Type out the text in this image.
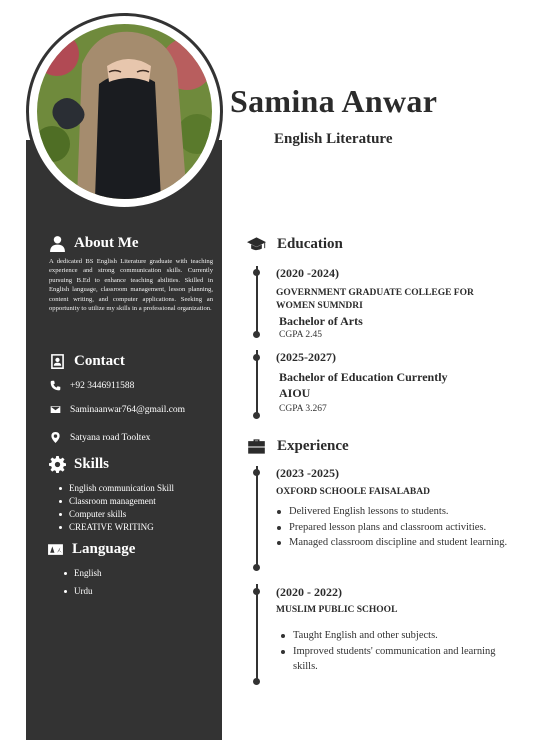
Samina Anwar
English Literature
About Me
A dedicated BS English Literature graduate with teaching experience and strong communication skills. Currently pursuing B.Ed to enhance teaching abilities. Skilled in English language, classroom management, lesson planning, content writing, and computer applications. Seeking an opportunity to utilize my skills in a professional organization.
Contact
+92 3446911588
Saminaanwar764@gmail.com
Satyana road Tooltex
Skills
English communication Skill
Classroom management
Computer skills
CREATIVE WRITING
Language
English
Urdu
Education
(2020 -2024)
GOVERNMENT GRADUATE COLLEGE FOR WOMEN SUMNDRI
Bachelor of Arts
CGPA 2.45
(2025-2027)
Bachelor of Education Currently AIOU
CGPA 3.267
Experience
(2023 -2025)
OXFORD SCHOOLE FAISALABAD
Delivered English lessons to students.
Prepared lesson plans and classroom activities.
Managed classroom discipline and student learning.
(2020 - 2022)
MUSLIM PUBLIC SCHOOL
Taught English and other subjects.
Improved students' communication and learning skills.
